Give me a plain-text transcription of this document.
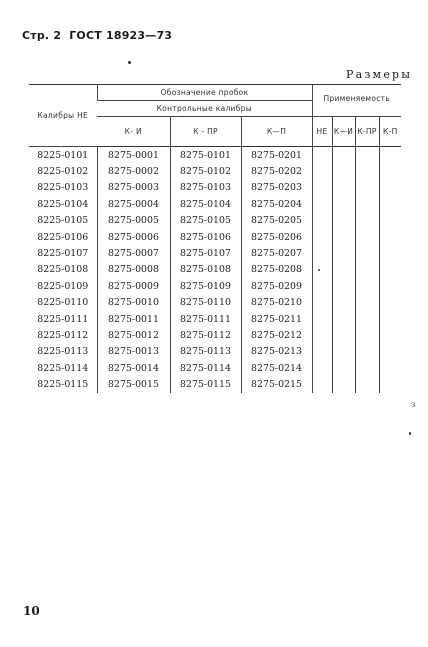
Стр. 2 ГОСТ 18923—73
Размеры
Калибры НЕ	Обозначение пробок			Применяемость			
	Контрольные калибры						
	К- И	К - ПР	К—П	НЕ	К—И	К-ПР	К-П
8225-0101	8275-0001	8275-0101	8275-0201				
8225-0102	8275-0002	8275-0102	8275-0202				
8225-0103	8275-0003	8275-0103	8275-0203				
8225-0104	8275-0004	8275-0104	8275-0204				
8225-0105	8275-0005	8275-0105	8275-0205				
8225-0106	8275-0006	8275-0106	8275-0206				
8225-0107	8275-0007	8275-0107	8275-0207				
8225-0108	8275-0008	8275-0108	8275-0208				
8225-0109	8275-0009	8275-0109	8275-0209				
8225-0110	8275-0010	8275-0110	8275-0210				
8225-0111	8275-0011	8275-0111	8275-0211				
8225-0112	8275-0012	8275-0112	8275-0212				
8225-0113	8275-0013	8275-0113	8275-0213				
8225-0114	8275-0014	8275-0114	8275-0214				
8225-0115	8275-0015	8275-0115	8275-0215				
10
з
